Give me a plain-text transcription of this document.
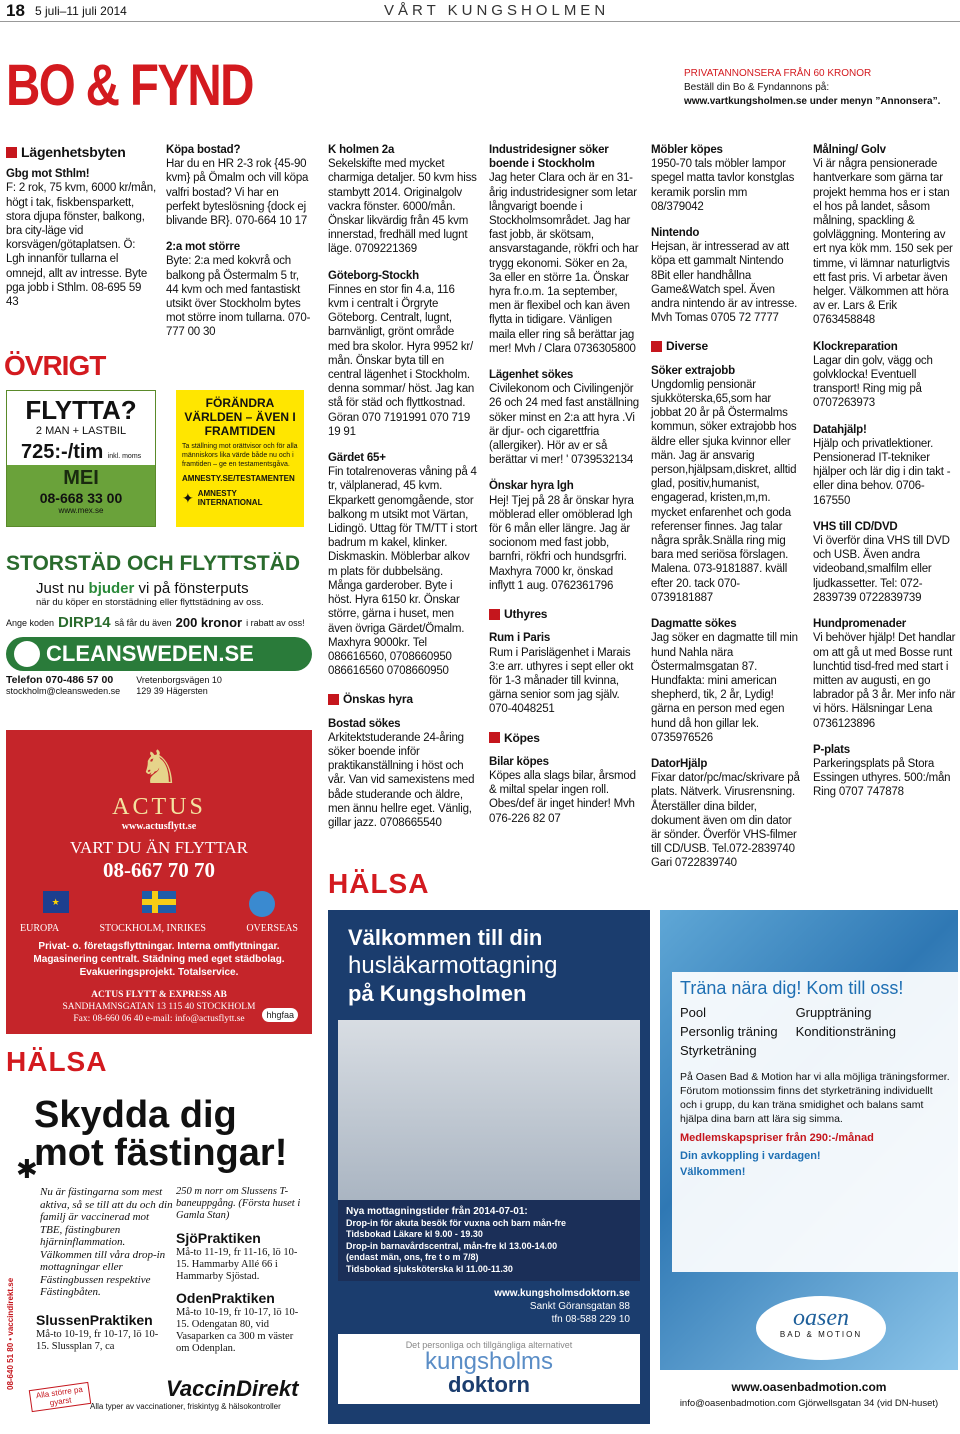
18 5 juli–11 juli 2014	VÅRT KUNGSHOLMEN
BO & FYND	PRIVATANNONSERA FRÅN 60 KRONOR
Beställ din Bo & Fyndannons på:
www.vartkungsholmen.se under menyn ”Annonsera”.
Lägenhetsbyten

Gbg mot Sthlm!

F: 2 rok, 75 kvm, 6000 kr/mån, högt i tak, fiskbensparkett, stora djupa fönster, balkong, bra city-läge vid korsvägen/götaplatsen. Ö: Lgh innanför tullarna el omnejd, allt av intresse. Byte pga jobb i Sthlm. 08-695 59 43

ÖVRIGT
FLYTTA?
2 MAN + LASTBIL
725:-/tim inkl. moms
MEI
08-668 33 00
www.mex.se

Köpa bostad?

Har du en HR 2-3 rok {45-90 kvm} på Ömalm och vill köpa valfri bostad? Vi har en perfekt byteslösning {dock ej blivande BR}. 070-664 10 17

2:a mot större

Byte: 2:a med kokvrå och balkong på Östermalm 5 tr, 44 kvm och med fantastiskt utsikt över Stockholm bytes mot större inom tullarna. 070-777 00 30

FÖRÄNDRA VÄRLDEN – ÄVEN I FRAMTIDEN
Ta ställning mot orättvisor och för alla människors lika värde både nu och i framtiden – ge en testamentsgåva.
AMNESTY.SE/TESTAMENTEN
✦ AMNESTY
INTERNATIONAL
STORSTÄD OCH FLYTTSTÄD
Just nu bjuder vi på fönsterputs
när du köper en storstädning eller flyttstädning av oss.
Ange koden DIRP14 så får du även 200 kronor i rabatt av oss!
CLEANSWEDEN.SE
Telefon 070-486 57 00
stockholm@cleansweden.se
Vretenborgsvägen 10
129 39 Hägersten
♞
ACTUS
www.actusflytt.se
VART DU ÄN FLYTTAR
08-667 70 70
★
EUROPA	STOCKHOLM, INRIKES	OVERSEAS
Privat- o. företagsflyttningar. Interna omflyttningar.
Magasinering centralt. Städning med eget städbolag.
Evakueringsprojekt. Totalservice.
ACTUS FLYTT & EXPRESS AB
SANDHAMNSGATAN 13 115 40 STOCKHOLM
Fax: 08-660 06 40 e-mail: info@actusflytt.se	hhgfaa
HÄLSA
08-640 51 80 • vaccindirekt.se
Skydda dig
mot fästingar!
✱
Nu är fästingarna som mest aktiva, så se till att du och din familj är vaccinerad mot TBE, fästingburen hjärninflammation. Välkommen till våra drop-in mottagningar eller Fästingbussen respektive Fästingbåten.
250 m norr om Slussens T-baneuppgång. (Första huset i Gamla Stan)
SjöPraktiken
Må-to 11-19, fr 11-16, lö 10-15. Hammarby Allé 66 i Hammarby Sjöstad.
OdenPraktiken
Må-to 10-19, fr 10-17, lö 10-15. Odengatan 80, vid Vasaparken ca 300 m väster om Odenplan.
SlussenPraktiken
Må-to 10-19, fr 10-17, lö 10-15. Slussplan 7, ca
Alla större pa gyarst
VaccinDirekt
Alla typer av vaccinationer, friskintyg & hälsokontroller

K holmen 2a

Sekelskifte med mycket charmiga detaljer. 50 kvm hiss stambytt 2014. Originalgolv vackra fönster. 6000/mån. Önskar likvärdig från 45 kvm innerstad, fredhäll med lugnt läge. 0709221369

Göteborg-Stockh

Finnes en stor fin 4.a, 116 kvm i centralt i Örgryte Göteborg. Centralt, lugnt, barnvänligt, grönt område med bra skolor. Hyra 9952 kr/ mån. Önskar byta till en central lägenhet i Stockholm. denna sommar/ höst. Jag kan stå för städ och flyttkostnad. Göran 070 7191991 070 719 19 91

Gärdet 65+

Fin totalrenoveras våning på 4 tr, välplanerad, 45 kvm. Ekparkett genomgående, stor balkong m utsikt mot Värtan, Lidingö. Uttag för TM/TT i stort badrum m kakel, klinker. Diskmaskin. Möblerbar alkov m plats för dubbelsäng. Många garderober. Byte i höst. Hyra 6150 kr. Önskar större, gärna i huset, men även övriga Gärdet/Ömalm. Maxhyra 9000kr. Tel 086616560, 0708660950 086616560 0708660950

Önskas hyra

Bostad sökes

Arkitektstuderande 24-åring söker boende inför praktikanställning i höst och vår. Van vid samexistens med både studerande och äldre, men ännu hellre eget. Vänlig, gillar jazz. 0708665540

Industridesigner söker boende i Stockholm

Jag heter Clara och är en 31-årig industridesigner som letar långvarigt boende i Stockholmsområdet. Jag har fast jobb, är skötsam, ansvarstagande, rökfri och har trygg ekonomi. Söker en 2a, 3a eller en större 1a. Önskar hyra fr.o.m. 1a september, men är flexibel och kan även flytta in tidigare. Vänligen maila eller ring så berättar jag mer! Mvh / Clara 0736305800

Lägenhet sökes

Civilekonom och Civilingenjör 26 och 24 med fast anställning söker minst en 2:a att hyra .Vi är djur- och cigarettfria (allergiker). Hör av er så berättar vi mer! ' 0739532134

Önskar hyra lgh

Hej! Tjej på 28 år önskar hyra möblerad eller omöblerad lgh för 6 mån eller längre. Jag är socionom med fast jobb, barnfri, rökfri och hundsgrfri. Maxhyra 7000 kr, önskad inflytt 1 aug. 0762361796

Uthyres

Rum i Paris

Rum i Parislägenhet i Marais 3:e arr. uthyres i sept eller okt för 1-3 månader till kvinna, gärna senior som jag själv. 070-4048251

Köpes

Bilar köpes

Köpes alla slags bilar, årsmod & miltal spelar ingen roll. Obes/def är inget hinder! Mvh 076-226 82 07

Möbler köpes

1950-70 tals möbler lampor spegel matta tavlor konstglas keramik porslin mm 08/379042

Nintendo

Hejsan, är intresserad av att köpa ett gammalt Nintendo 8Bit eller handhållna Game&Watch spel. Även andra nintendo är av intresse. Mvh Tomas 0705 72 7777

Diverse

Söker extrajobb

Ungdomlig pensionär sjukköterska,65,som har jobbat 20 år på Östermalms kommun, söker extrajobb hos äldre eller sjuka kvinnor eller män. Jag är ansvarig person,hjälpsam,diskret, alltid glad, positiv,humanist, engagerad, kristen,m,m. mycket enfarenhet och goda referenser finnes. Jag talar några språk.Snälla ring mig bara med seriösa förslagen. Malena. 073-9181887. kväll efter 20. tack 070-0739181887

Dagmatte sökes

Jag söker en dagmatte till min hund Nahla nära Östermalmsgatan 87. Hundfakta: mini american shepherd, tik, 2 år, Lydig! gärna en person med egen hund då hon gillar lek. 0735976526

DatorHjälp

Fixar dator/pc/mac/skrivare på plats. Nätverk. Virusrensning. Återställer dina bilder, dokument även om din dator är sönder. Överför VHS-filmer till CD/USB. Tel.072-2839740 Gari 0722839740

Målning/ Golv

Vi är några pensionerade hantverkare som gärna tar projekt hemma hos er i stan el hos på landet, såsom målning, spackling & golvläggning. Montering av ert nya kök mm. 150 sek per timme, vi lämnar naturligtvis ett fast pris. Vi arbetar även helger. Välkommen att höra av er. Lars & Erik 0763458848

Klockreparation

Lagar din golv, vägg och golvklocka! Eventuell transport! Ring mig på 0707263973

Datahjälp!

Hjälp och privatlektioner. Pensionerad IT-tekniker hjälper och lär dig i din takt - eller dina behov. 0706-167550

VHS till CD/DVD

Vi överför dina VHS till DVD och USB. Även andra videoband,smalfilm eller ljudkassetter. Tel: 072-2839739 0722839739

Hundpromenader

Vi behöver hjälp! Det handlar om att gå ut med Bosse runt lunchtid tisd-fred med start i mitten av augusti, en go labrador på 3 år. Mer info när vi hörs. Hälsningar Lena 0736123896

P-plats

Parkeringsplats på Stora Essingen uthyres. 500:/mån Ring 0707 747878

HÄLSA
Välkommen till din
husläkarmottagning
på Kungsholmen
Nya mottagningstider från 2014-07-01:
Drop-in för akuta besök för vuxna och barn mån-fre
Tidsbokad Läkare kl 9.00 - 19.30
Drop-in barnavårdscentral, mån-fre kl 13.00-14.00
(endast män, ons, fre t o m 7/8)
Tidsbokad sjuksköterska kl 11.00-11.30
www.kungsholmsdoktorn.se
Sankt Göransgatan 88
tfn 08-588 229 10
Det personliga och tillgängliga alternativet
kungsholms
doktorn
Träna nära dig! Kom till oss!
Pool
Personlig träning
Styrketräning
Gruppträning
Konditionsträning
På Oasen Bad & Motion har vi alla möjliga träningsformer. Förutom motionssim finns det styrketräning individuellt och i grupp, du kan träna smidighet och balans samt hjälpa dina barn att lära sig simma.
Medlemskapspriser från 290:-/månad
Din avkoppling i vardagen!
Välkommen!
oasen
BAD & MOTION
www.oasenbadmotion.com
info@oasenbadmotion.com Gjörwellsgatan 34 (vid DN-huset)
